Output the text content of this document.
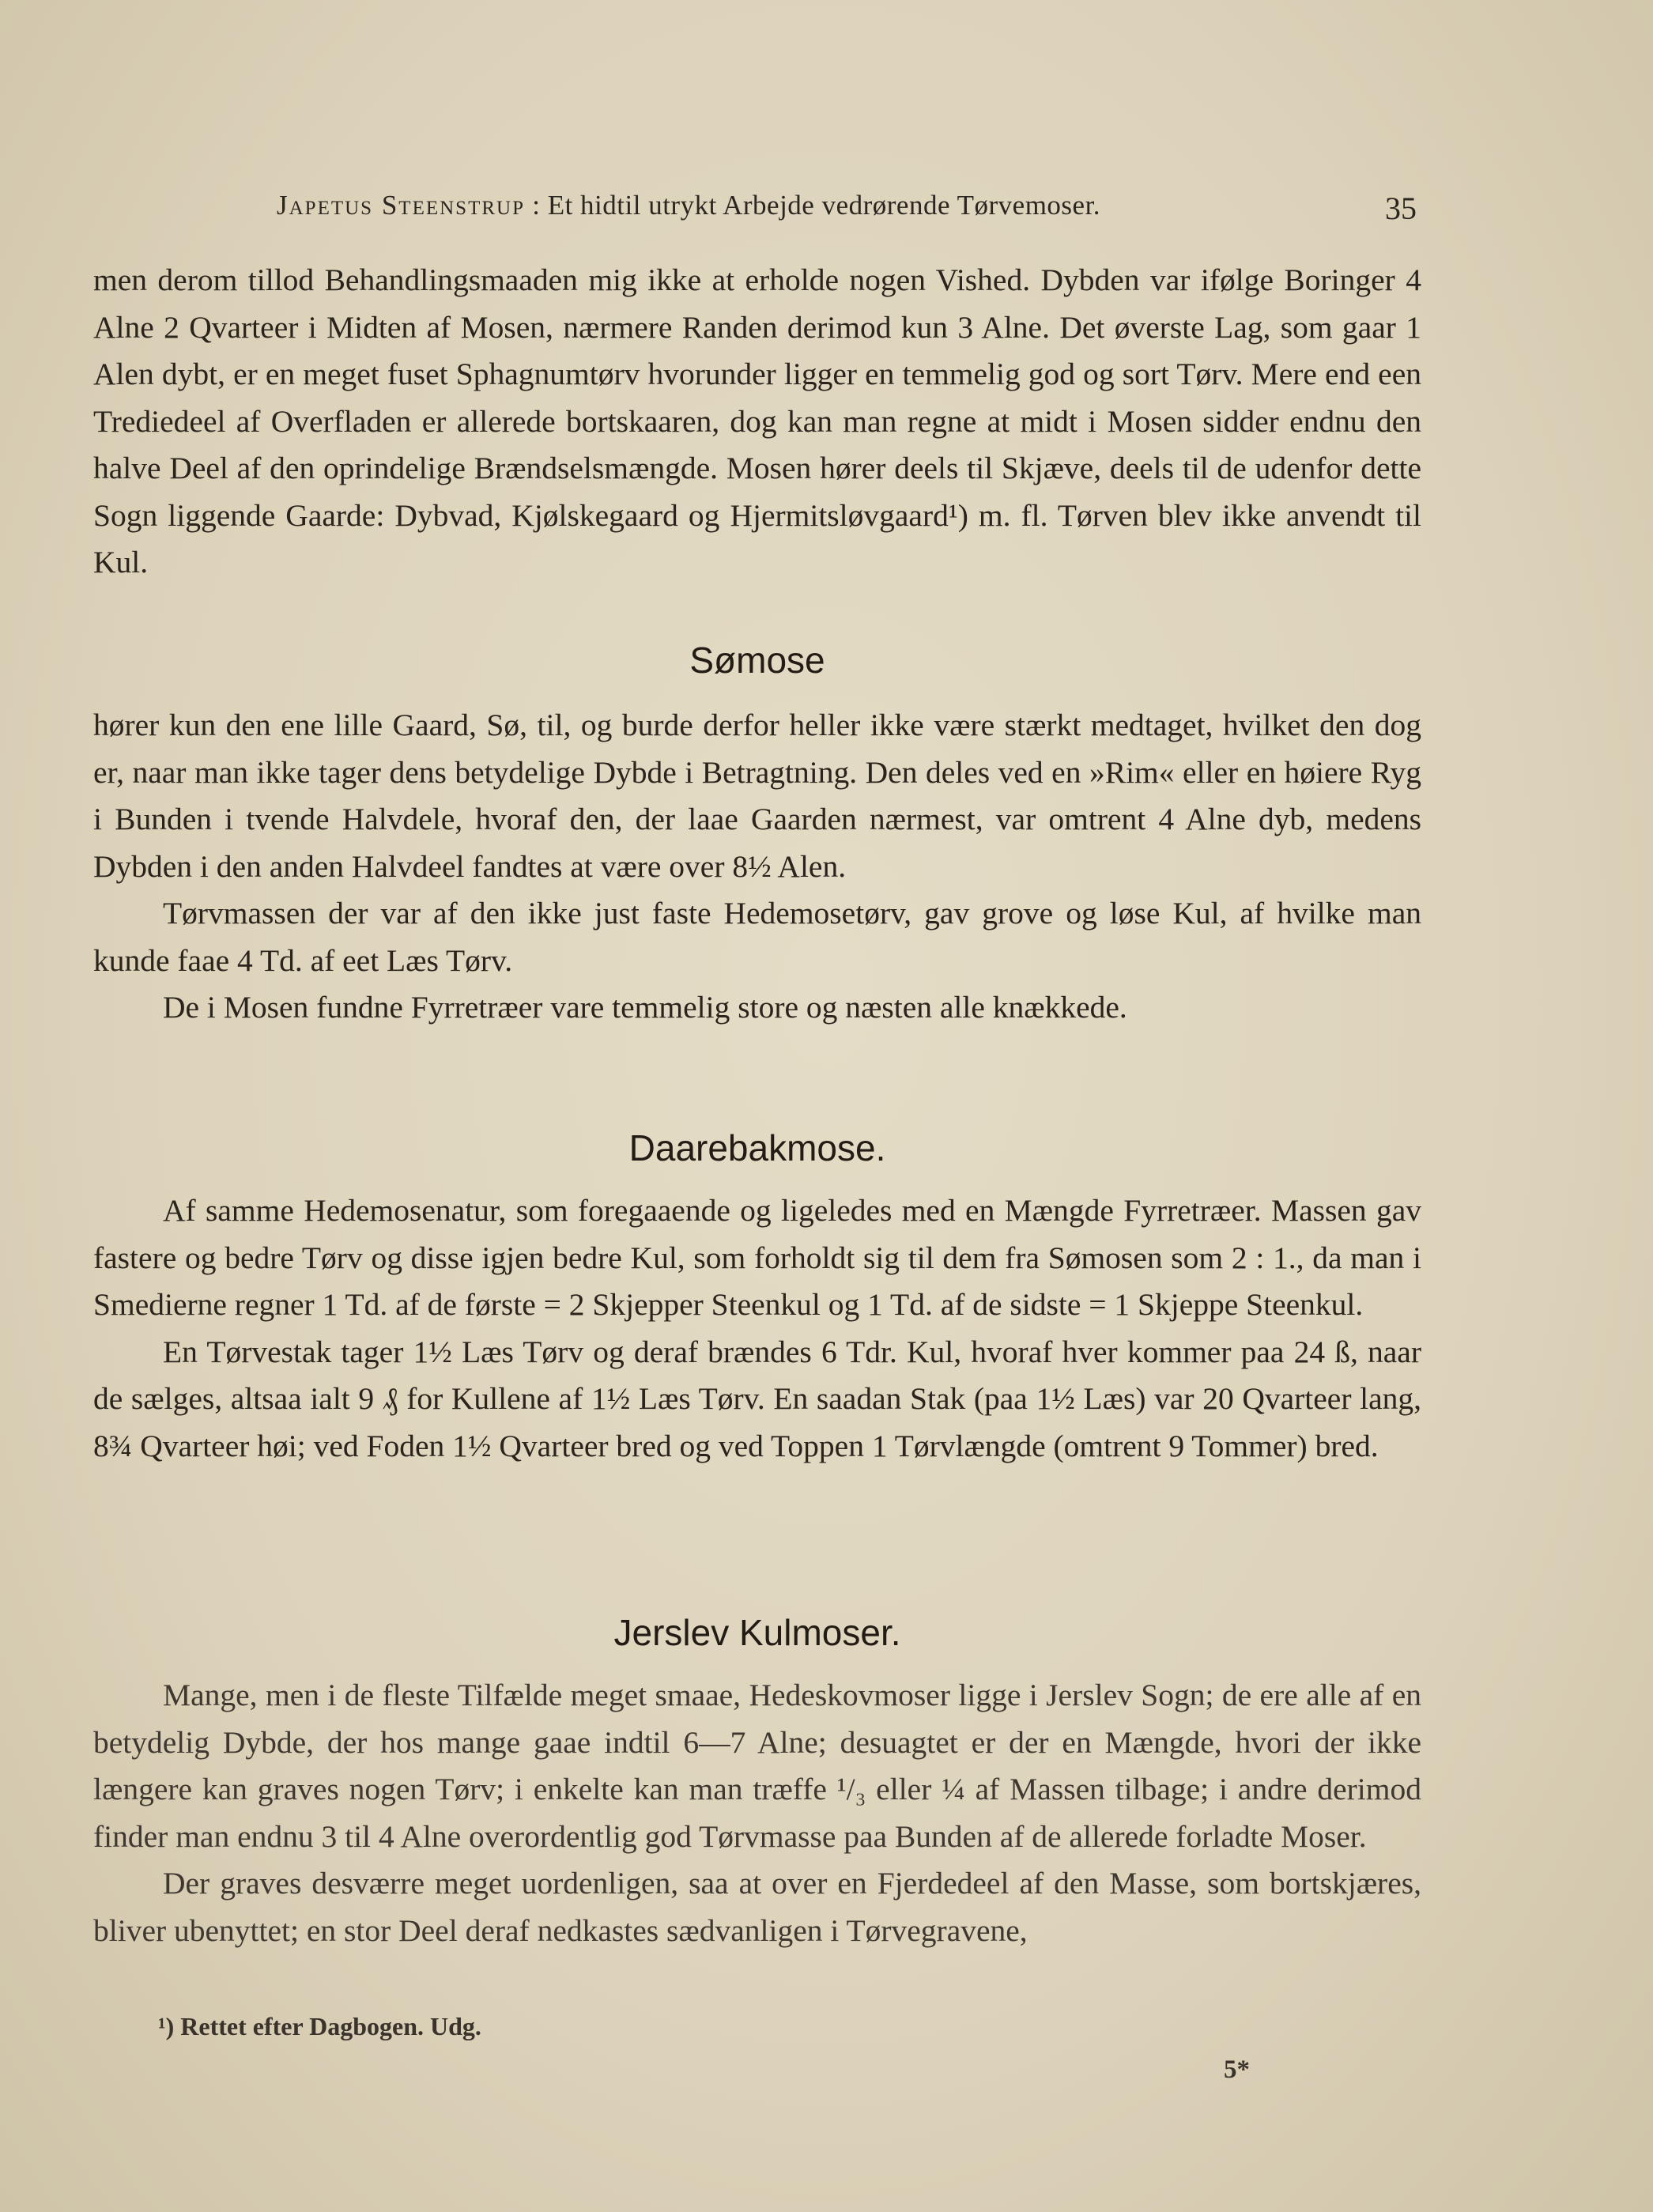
Japetus Steenstrup : Et hidtil utrykt Arbejde vedrørende Tørvemoser.	35

men derom tillod Behandlingsmaaden mig ikke at erholde nogen Vished. Dybden var ifølge Boringer 4 Alne 2 Qvarteer i Midten af Mosen, nærmere Randen derimod kun 3 Alne. Det øverste Lag, som gaar 1 Alen dybt, er en meget fuset Sphagnumtørv hvorunder ligger en temmelig god og sort Tørv. Mere end een Trediedeel af Overfladen er allerede bortskaaren, dog kan man regne at midt i Mosen sidder endnu den halve Deel af den oprindelige Brændselsmængde. Mosen hører deels til Skjæve, deels til de udenfor dette Sogn liggende Gaarde: Dybvad, Kjølskegaard og Hjermitsløvgaard¹) m. fl. Tørven blev ikke anvendt til Kul.

Sømose

hører kun den ene lille Gaard, Sø, til, og burde derfor heller ikke være stærkt medtaget, hvilket den dog er, naar man ikke tager dens betydelige Dybde i Betragtning. Den deles ved en »Rim« eller en høiere Ryg i Bunden i tvende Halvdele, hvoraf den, der laae Gaarden nærmest, var omtrent 4 Alne dyb, medens Dybden i den anden Halvdeel fandtes at være over 8½ Alen.

Tørvmassen der var af den ikke just faste Hedemosetørv, gav grove og løse Kul, af hvilke man kunde faae 4 Td. af eet Læs Tørv.

De i Mosen fundne Fyrretræer vare temmelig store og næsten alle knækkede.

Daarebakmose.

Af samme Hedemosenatur, som foregaaende og ligeledes med en Mængde Fyrretræer. Massen gav fastere og bedre Tørv og disse igjen bedre Kul, som forholdt sig til dem fra Sømosen som 2 : 1., da man i Smedierne regner 1 Td. af de første = 2 Skjepper Steenkul og 1 Td. af de sidste = 1 Skjeppe Steenkul.

En Tørvestak tager 1½ Læs Tørv og deraf brændes 6 Tdr. Kul, hvoraf hver kommer paa 24 ß, naar de sælges, altsaa ialt 9 ₰ for Kullene af 1½ Læs Tørv. En saadan Stak (paa 1½ Læs) var 20 Qvarteer lang, 8¾ Qvarteer høi; ved Foden 1½ Qvarteer bred og ved Toppen 1 Tørvlængde (omtrent 9 Tommer) bred.

Jerslev Kulmoser.

Mange, men i de fleste Tilfælde meget smaae, Hedeskovmoser ligge i Jerslev Sogn; de ere alle af en betydelig Dybde, der hos mange gaae indtil 6—7 Alne; desuagtet er der en Mængde, hvori der ikke længere kan graves nogen Tørv; i enkelte kan man træffe ¹/₃ eller ¼ af Massen tilbage; i andre derimod finder man endnu 3 til 4 Alne overordentlig god Tørvmasse paa Bunden af de allerede forladte Moser.

Der graves desværre meget uordenligen, saa at over en Fjerdedeel af den Masse, som bortskjæres, bliver ubenyttet; en stor Deel deraf nedkastes sædvanligen i Tørvegravene,

¹) Rettet efter Dagbogen. Udg.
5*
